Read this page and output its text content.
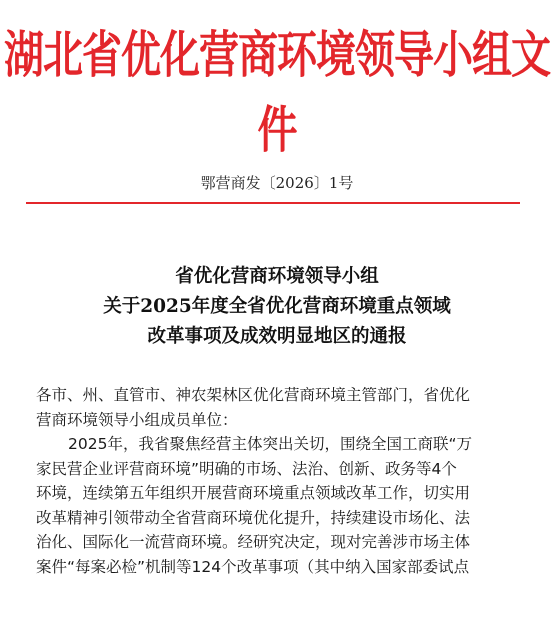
湖北省优化营商环境领导小组文件
鄂营商发〔2026〕1号
省优化营商环境领导小组
关于2025年度全省优化营商环境重点领域
改革事项及成效明显地区的通报
各市、州、直管市、神农架林区优化营商环境主管部门，省优化
营商环境领导小组成员单位：
2025年，我省聚焦经营主体突出关切，围绕全国工商联“万
家民营企业评营商环境”明确的市场、法治、创新、政务等4个
环境，连续第五年组织开展营商环境重点领域改革工作，切实用
改革精神引领带动全省营商环境优化提升，持续建设市场化、法
治化、国际化一流营商环境。经研究决定，现对完善涉市场主体
案件“每案必检”机制等124个改革事项（其中纳入国家部委试点
